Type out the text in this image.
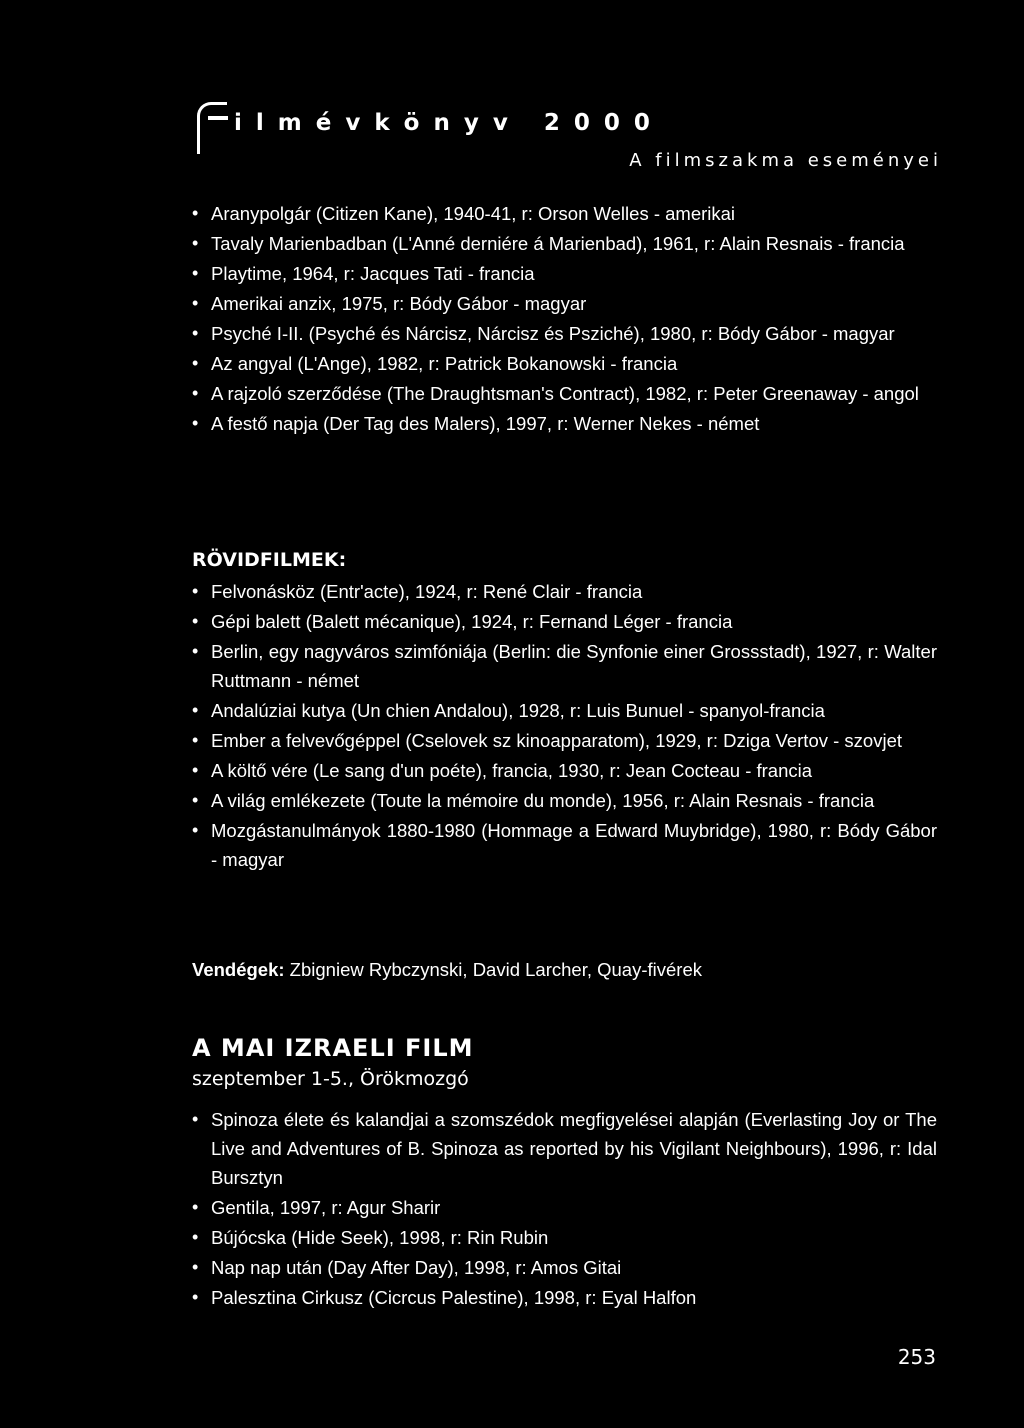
i l m é v k ö n y v   2 0 0 0
A filmszakma eseményei
• Aranypolgár (Citizen Kane), 1940-41, r: Orson Welles - amerikai
• Tavaly Marienbadban (L'Anné derniére á Marienbad), 1961, r: Alain Resnais - francia
• Playtime, 1964, r: Jacques Tati - francia
• Amerikai anzix, 1975, r: Bódy Gábor - magyar
• Psyché I-II. (Psyché és Nárcisz, Nárcisz és Psziché), 1980, r: Bódy Gábor - magyar
• Az angyal (L'Ange), 1982, r: Patrick Bokanowski - francia
• A rajzoló szerződése (The Draughtsman's Contract), 1982, r: Peter Greenaway - angol
• A festő napja (Der Tag des Malers), 1997, r: Werner Nekes - német
RÖVIDFILMEK:
• Felvonásköz (Entr'acte), 1924, r: René Clair - francia
• Gépi balett (Balett mécanique), 1924, r: Fernand Léger - francia
• Berlin, egy nagyváros szimfóniája (Berlin: die Synfonie einer Grossstadt), 1927, r: Walter Ruttmann - német
• Andalúziai kutya (Un chien Andalou), 1928, r: Luis Bunuel - spanyol-francia
• Ember a felvevőgéppel (Cselovek sz kinoapparatom), 1929, r: Dziga Vertov - szovjet
• A költő vére (Le sang d'un poéte), francia, 1930, r: Jean Cocteau - francia
• A világ emlékezete (Toute la mémoire du monde), 1956, r: Alain Resnais - francia
• Mozgástanulmányok 1880-1980 (Hommage a Edward Muybridge), 1980, r: Bódy Gábor - magyar
Vendégek: Zbigniew Rybczynski, David Larcher, Quay-fivérek
A MAI IZRAELI FILM
szeptember 1-5., Örökmozgó
• Spinoza élete és kalandjai a szomszédok megfigyelései alapján (Everlasting Joy or The Live and Adventures of B. Spinoza as reported by his Vigilant Neighbours), 1996, r: Idal Bursztyn
• Gentila, 1997, r: Agur Sharir
• Bújócska (Hide Seek), 1998, r: Rin Rubin
• Nap nap után (Day After Day), 1998, r: Amos Gitai
• Palesztina Cirkusz (Cicrcus Palestine), 1998, r: Eyal Halfon
253
